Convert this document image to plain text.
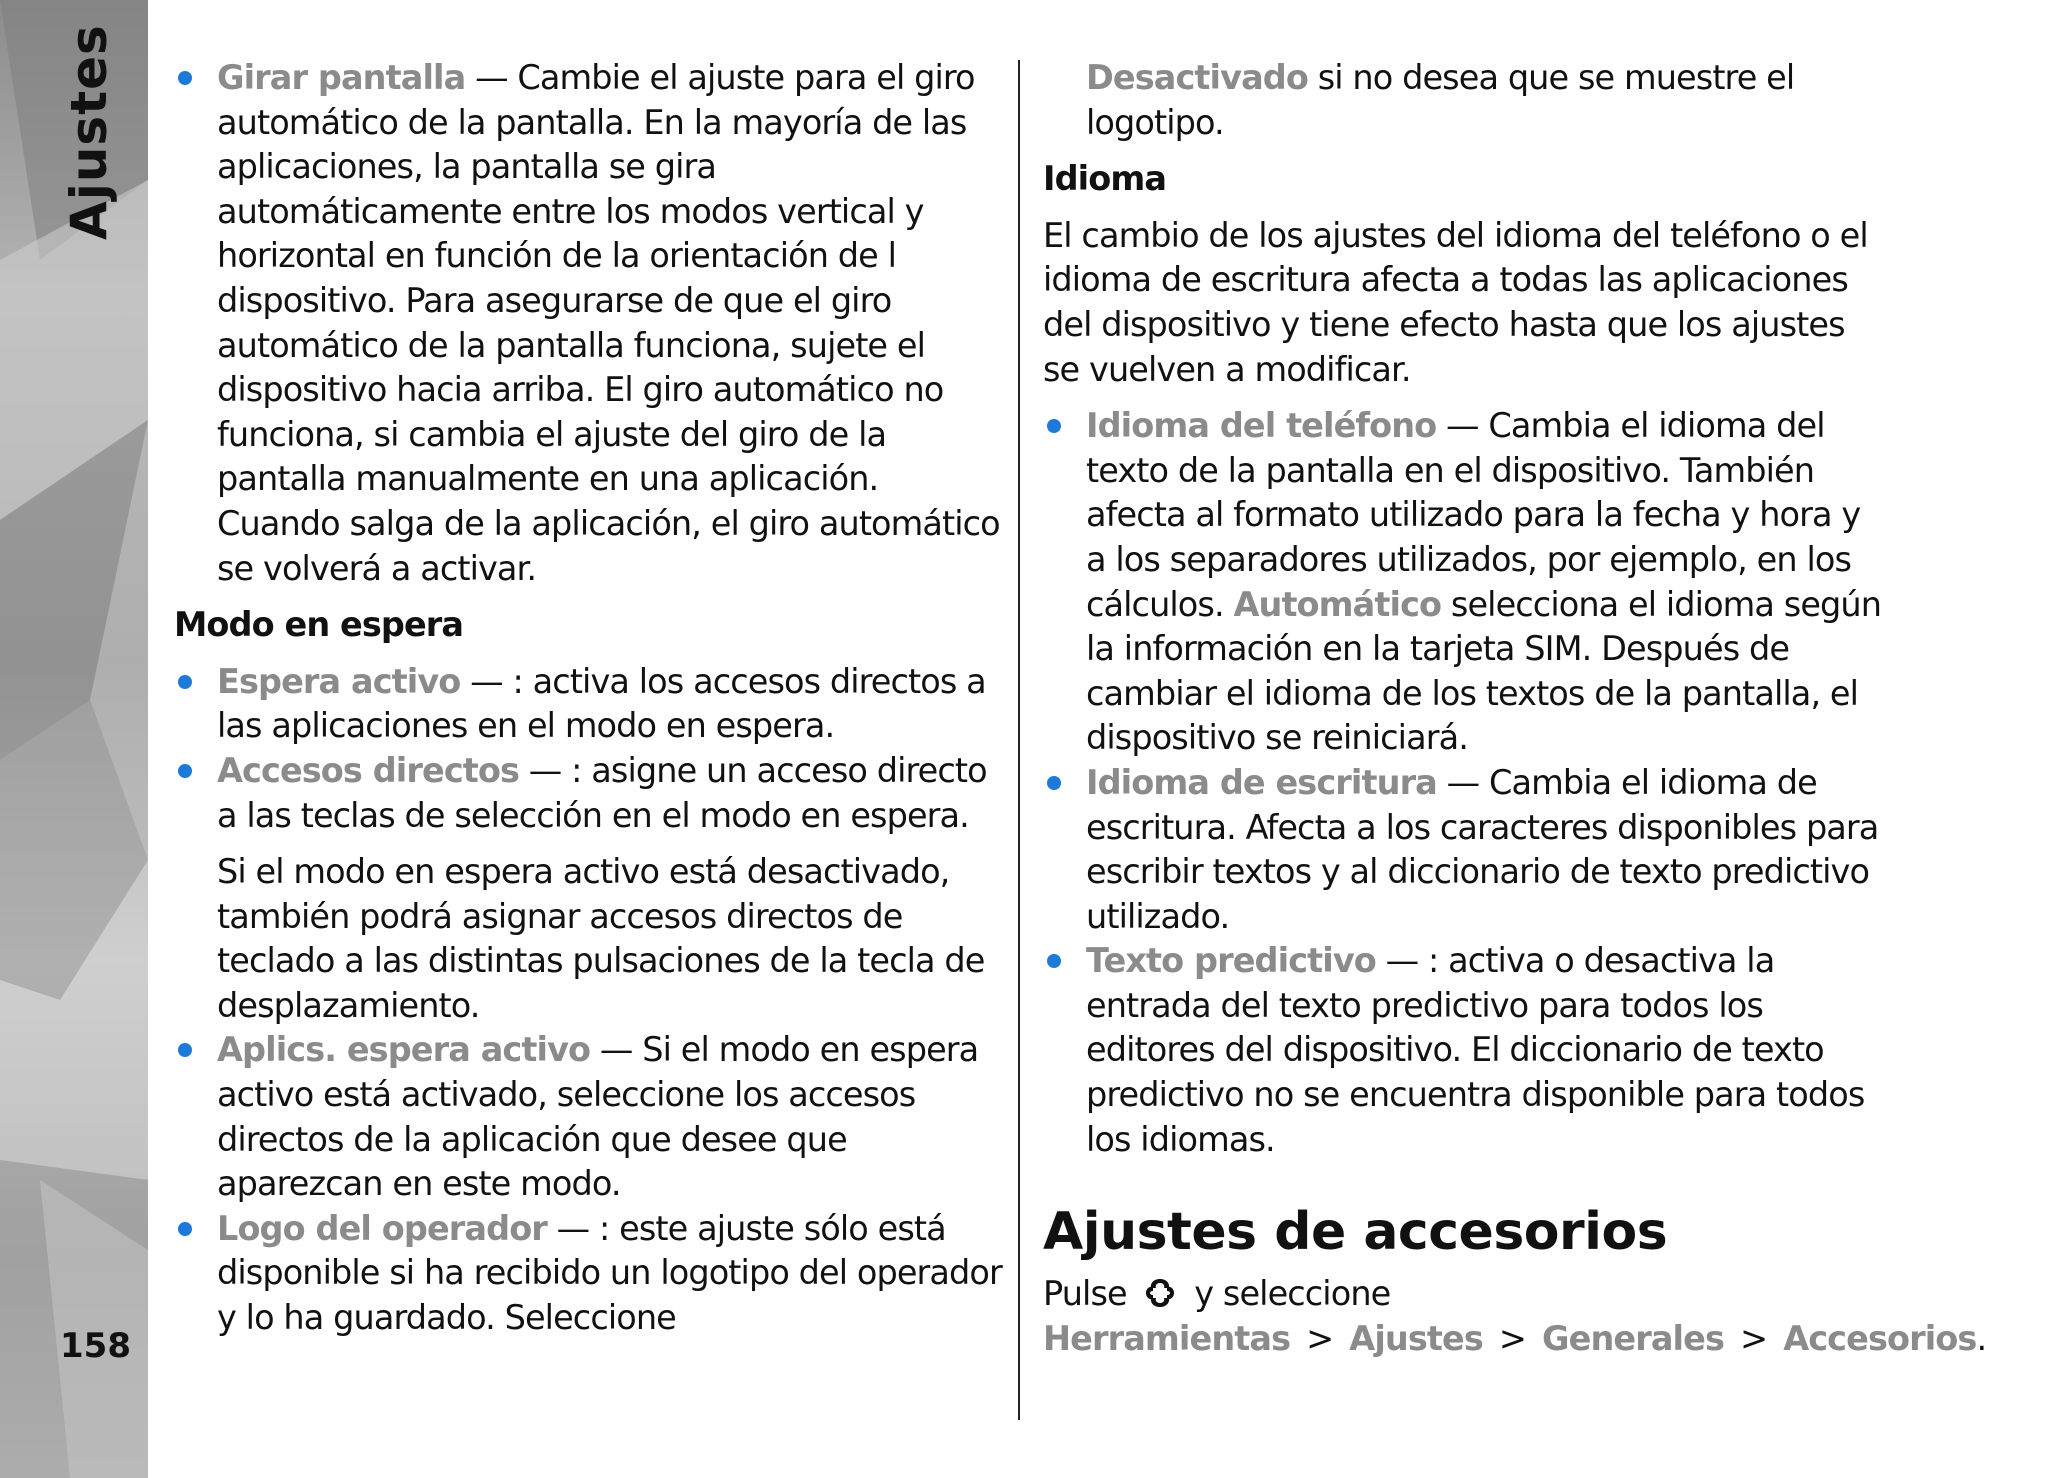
Ajustes
158

Girar pantalla — Cambie el ajuste para el giro automático de la pantalla. En la mayoría de las aplicaciones, la pantalla se gira automáticamente entre los modos vertical y horizontal en función de la orientación de l dispositivo. Para asegurarse de que el giro automático de la pantalla funciona, sujete el dispositivo hacia arriba. El giro automático no funciona, si cambia el ajuste del giro de la pantalla manualmente en una aplicación. Cuando salga de la aplicación, el giro automático se volverá a activar.

Modo en espera

Espera activo — : activa los accesos directos a las aplicaciones en el modo en espera.

Accesos directos — : asigne un acceso directo a las teclas de selección en el modo en espera.

Si el modo en espera activo está desactivado, también podrá asignar accesos directos de teclado a las distintas pulsaciones de la tecla de desplazamiento.

Aplics. espera activo — Si el modo en espera activo está activado, seleccione los accesos directos de la aplicación que desee que aparezcan en este modo.

Logo del operador — : este ajuste sólo está disponible si ha recibido un logotipo del operador y lo ha guardado. Seleccione

Desactivado si no desea que se muestre el logotipo.

Idioma

El cambio de los ajustes del idioma del teléfono o el idioma de escritura afecta a todas las aplicaciones del dispositivo y tiene efecto hasta que los ajustes se vuelven a modificar.

Idioma del teléfono — Cambia el idioma del texto de la pantalla en el dispositivo. También afecta al formato utilizado para la fecha y hora y a los separadores utilizados, por ejemplo, en los cálculos. Automático selecciona el idioma según la información en la tarjeta SIM. Después de cambiar el idioma de los textos de la pantalla, el dispositivo se reiniciará.

Idioma de escritura — Cambia el idioma de escritura. Afecta a los caracteres disponibles para escribir textos y al diccionario de texto predictivo utilizado.

Texto predictivo — : activa o desactiva la entrada del texto predictivo para todos los editores del dispositivo. El diccionario de texto predictivo no se encuentra disponible para todos los idiomas.

Ajustes de accesorios

Pulse y seleccione Herramientas > Ajustes > Generales > Accesorios.
